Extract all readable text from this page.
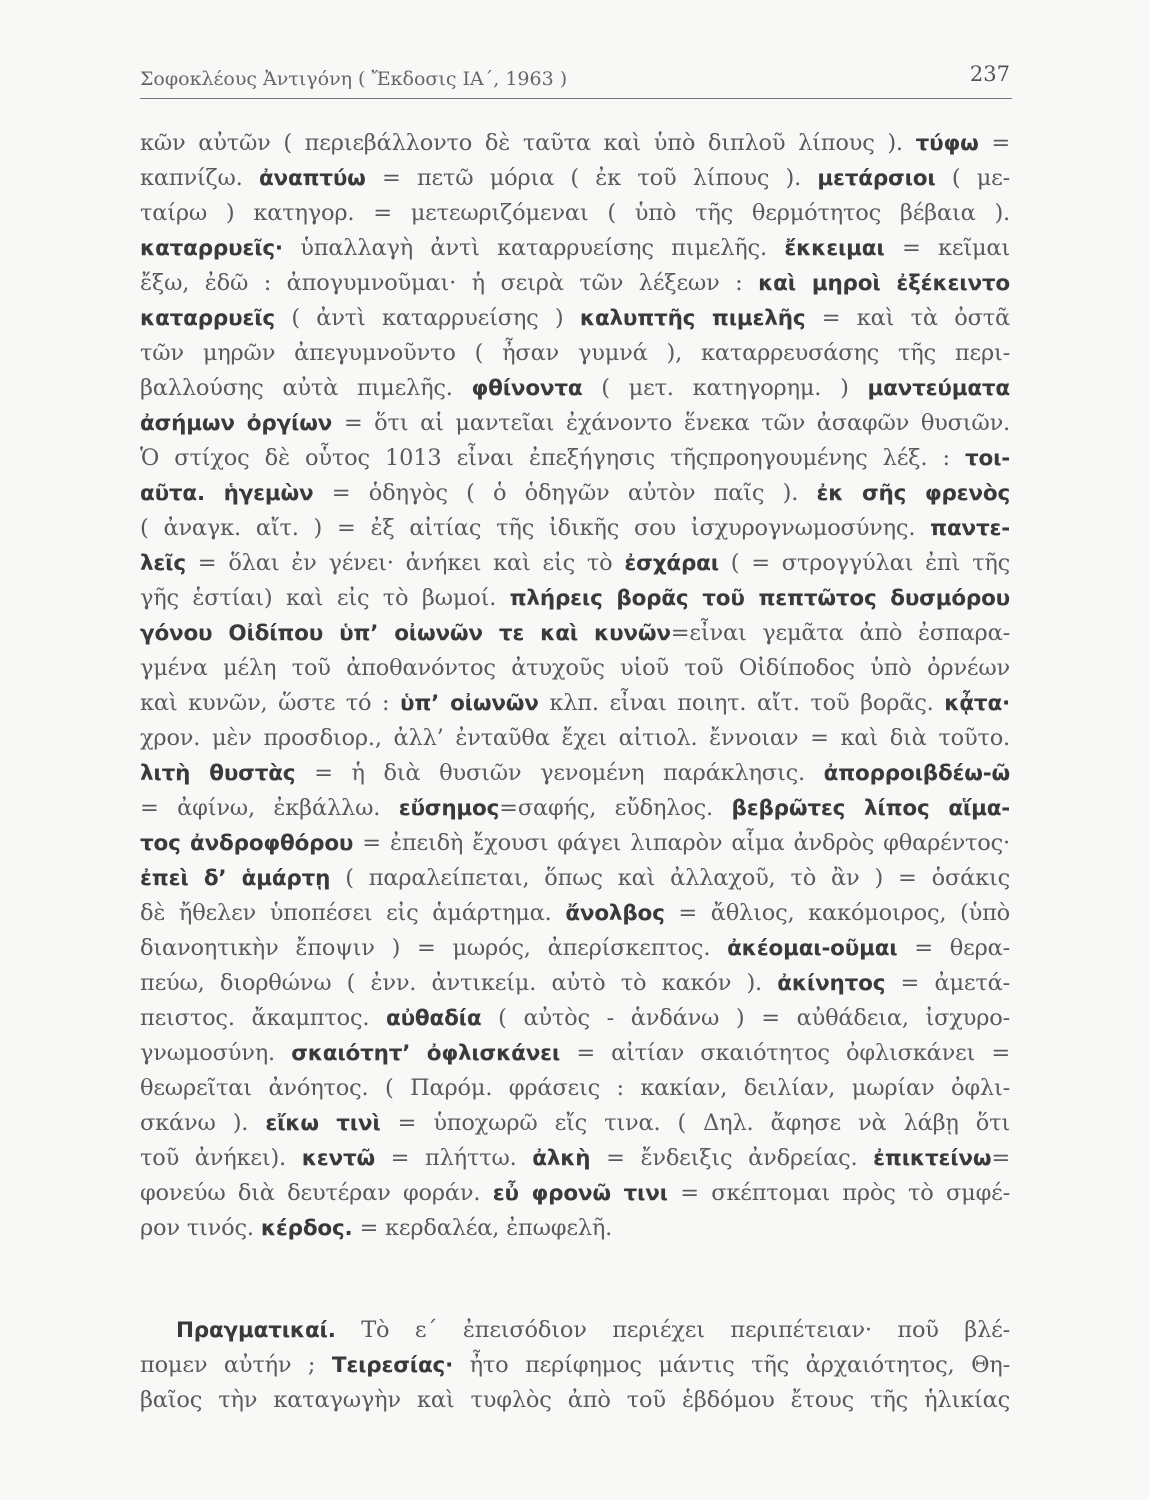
Σοφοκλέους Ἀντιγόνη ( Ἔκδοσις ΙΑ΄, 1963 )	237
κῶν αὐτῶν ( περιεβάλλοντο δὲ ταῦτα καὶ ὑπὸ διπλοῦ λίπους ). τύφω =
καπνίζω. ἀναπτύω = πετῶ μόρια ( ἐκ τοῦ λίπους ). μετάρσιοι ( με-
ταίρω ) κατηγορ. = μετεωριζόμεναι ( ὑπὸ τῆς θερμότητος βέβαια ).
καταρρυεῖς· ὑπαλλαγὴ ἀντὶ καταρρυείσης πιμελῆς. ἔκκειμαι = κεῖμαι
ἔξω, ἐδῶ : ἀπογυμνοῦμαι· ἡ σειρὰ τῶν λέξεων : καὶ μηροὶ ἐξέκειντο
καταρρυεῖς ( ἀντὶ καταρρυείσης ) καλυπτῆς πιμελῆς = καὶ τὰ ὀστᾶ
τῶν μηρῶν ἀπεγυμνοῦντο ( ἦσαν γυμνά ), καταρρευσάσης τῆς περι-
βαλλούσης αὐτὰ πιμελῆς. φθίνοντα ( μετ. κατηγορημ. ) μαντεύματα
ἀσήμων ὀργίων = ὅτι αἱ μαντεῖαι ἐχάνοντο ἕνεκα τῶν ἀσαφῶν θυσιῶν.
Ὁ στίχος δὲ οὗτος 1013 εἶναι ἐπεξήγησις τῆςπροηγουμένης λέξ. : τοι-
αῦτα. ἡγεμὼν = ὁδηγὸς ( ὁ ὁδηγῶν αὐτὸν παῖς ). ἐκ σῆς φρενὸς
( ἀναγκ. αἴτ. ) = ἐξ αἰτίας τῆς ἰδικῆς σου ἰσχυρογνωμοσύνης. παντε-
λεῖς = ὅλαι ἐν γένει· ἀνήκει καὶ εἰς τὸ ἐσχάραι ( = στρογγύλαι ἐπὶ τῆς
γῆς ἑστίαι) καὶ εἰς τὸ βωμοί. πλήρεις βορᾶς τοῦ πεπτῶτος δυσμόρου
γόνου Οἰδίπου ὑπ’ οἰωνῶν τε καὶ κυνῶν=εἶναι γεμᾶτα ἀπὸ ἐσπαρα-
γμένα μέλη τοῦ ἀποθανόντος ἀτυχοῦς υἱοῦ τοῦ Οἰδίποδος ὑπὸ ὀρνέων
καὶ κυνῶν, ὥστε τό : ὑπ’ οἰωνῶν κλπ. εἶναι ποιητ. αἴτ. τοῦ βορᾶς. κᾆτα·
χρον. μὲν προσδιορ., ἀλλ’ ἐνταῦθα ἔχει αἰτιολ. ἔννοιαν = καὶ διὰ τοῦτο.
λιτὴ θυστὰς = ἡ διὰ θυσιῶν γενομένη παράκλησις. ἀπορροιβδέω-ῶ
= ἀφίνω, ἐκβάλλω. εὔσημος=σαφής, εὔδηλος. βεβρῶτες λίπος αἵμα-
τος ἀνδροφθόρου = ἐπειδὴ ἔχουσι φάγει λιπαρὸν αἷμα ἀνδρὸς φθαρέντος·
ἐπεὶ δ’ ἁμάρτῃ ( παραλείπεται, ὅπως καὶ ἀλλαχοῦ, τὸ ἂν ) = ὁσάκις
δὲ ἤθελεν ὑποπέσει εἰς ἁμάρτημα. ἄνολβος = ἄθλιος, κακόμοιρος, (ὑπὸ
διανοητικὴν ἔποψιν ) = μωρός, ἀπερίσκεπτος. ἀκέομαι-οῦμαι = θερα-
πεύω, διορθώνω ( ἐνν. ἀντικείμ. αὐτὸ τὸ κακόν ). ἀκίνητος = ἀμετά-
πειστος. ἄκαμπτος. αὐθαδία ( αὐτὸς - ἁνδάνω ) = αὐθάδεια, ἰσχυρο-
γνωμοσύνη. σκαιότητ’ ὀφλισκάνει = αἰτίαν σκαιότητος ὀφλισκάνει =
θεωρεῖται ἀνόητος. ( Παρόμ. φράσεις : κακίαν, δειλίαν, μωρίαν ὀφλι-
σκάνω ). εἴκω τινὶ = ὑποχωρῶ εἴς τινα. ( Δηλ. ἄφησε νὰ λάβῃ ὅτι
τοῦ ἀνήκει). κεντῶ = πλήττω. ἀλκὴ = ἔνδειξις ἀνδρείας. ἐπικτείνω=
φονεύω διὰ δευτέραν φοράν. εὖ φρονῶ τινι = σκέπτομαι πρὸς τὸ σμφέ-
ρον τινός. κέρδος. = κερδαλέα, ἐπωφελῆ.
Πραγματικαί. Τὸ ε΄ ἐπεισόδιον περιέχει περιπέτειαν· ποῦ βλέ-
πομεν αὐτήν ; Τειρεσίας· ἦτο περίφημος μάντις τῆς ἀρχαιότητος, Θη-
βαῖος τὴν καταγωγὴν καὶ τυφλὸς ἀπὸ τοῦ ἑβδόμου ἔτους τῆς ἡλικίας
